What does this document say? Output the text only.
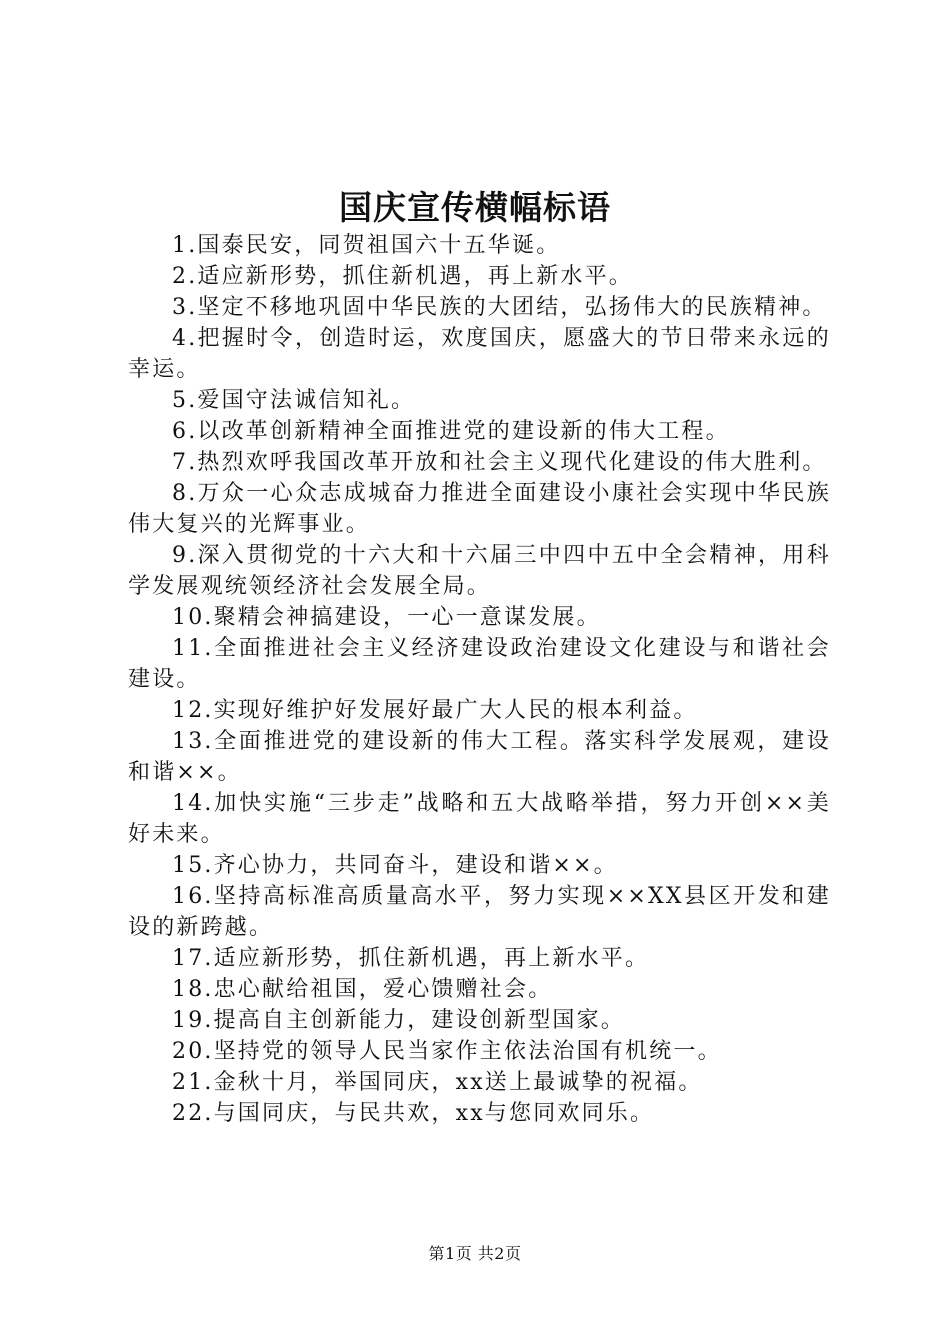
国庆宣传横幅标语

1.国泰民安，同贺祖国六十五华诞。

2.适应新形势，抓住新机遇，再上新水平。

3.坚定不移地巩固中华民族的大团结，弘扬伟大的民族精神。

4.把握时令，创造时运，欢度国庆，愿盛大的节日带来永远的幸运。

5.爱国守法诚信知礼。

6.以改革创新精神全面推进党的建设新的伟大工程。

7.热烈欢呼我国改革开放和社会主义现代化建设的伟大胜利。

8.万众一心众志成城奋力推进全面建设小康社会实现中华民族伟大复兴的光辉事业。

9.深入贯彻党的十六大和十六届三中四中五中全会精神，用科学发展观统领经济社会发展全局。

10.聚精会神搞建设，一心一意谋发展。

11.全面推进社会主义经济建设政治建设文化建设与和谐社会建设。

12.实现好维护好发展好最广大人民的根本利益。

13.全面推进党的建设新的伟大工程。落实科学发展观，建设和谐××。

14.加快实施“三步走”战略和五大战略举措，努力开创××美好未来。

15.齐心协力，共同奋斗，建设和谐××。

16.坚持高标准高质量高水平，努力实现××XX县区开发和建设的新跨越。

17.适应新形势，抓住新机遇，再上新水平。

18.忠心献给祖国，爱心馈赠社会。

19.提高自主创新能力，建设创新型国家。

20.坚持党的领导人民当家作主依法治国有机统一。

21.金秋十月，举国同庆，xx送上最诚挚的祝福。

22.与国同庆，与民共欢，xx与您同欢同乐。

第1页 共2页
